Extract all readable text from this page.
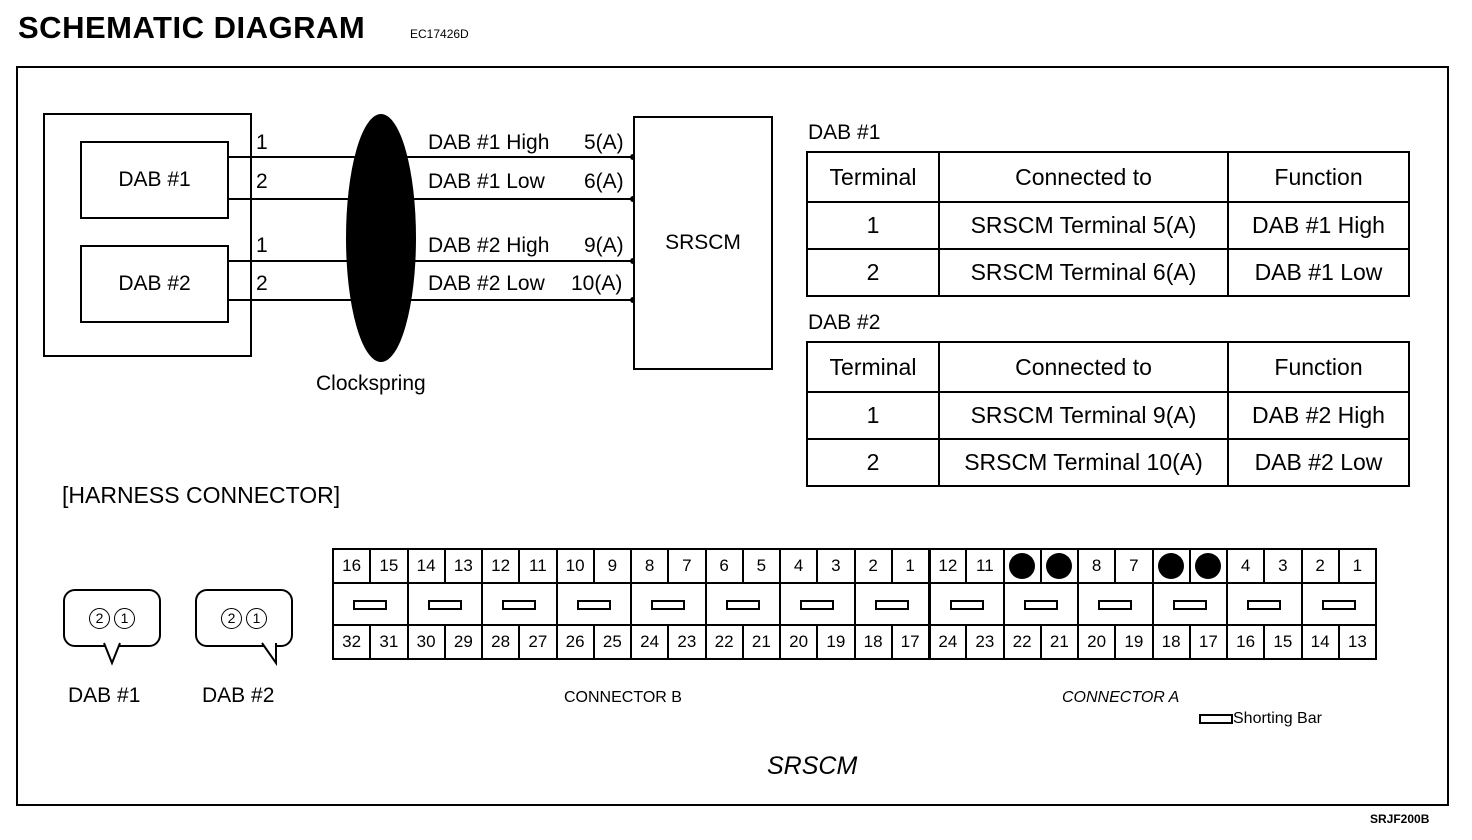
SCHEMATIC DIAGRAM	EC17426D
SRJF200B
DAB #1
DAB #2
SRSCM
1
2
1
2
DAB #1 High 5(A)
DAB #1 Low 6(A)
DAB #2 High 9(A)
DAB #2 Low 10(A)
Clockspring
DAB #1
Terminal	Connected to	Function
1	SRSCM Terminal 5(A)	DAB #1 High
2	SRSCM Terminal 6(A)	DAB #1 Low
DAB #2
Terminal	Connected to	Function
1	SRSCM Terminal 9(A)	DAB #2 High
2	SRSCM Terminal 10(A)	DAB #2 Low
[HARNESS CONNECTOR]
2	1	2	1
DAB #1	DAB #2
16	15	14	13	12	11	10	9	8	7	6	5	4	3	2	1	12	11			8	7			4	3	2	1

32	31	30	29	28	27	26	25	24	23	22	21	20	19	18	17	24	23	22	21	20	19	18	17	16	15	14	13
CONNECTOR B	CONNECTOR A
Shorting Bar
SRSCM
